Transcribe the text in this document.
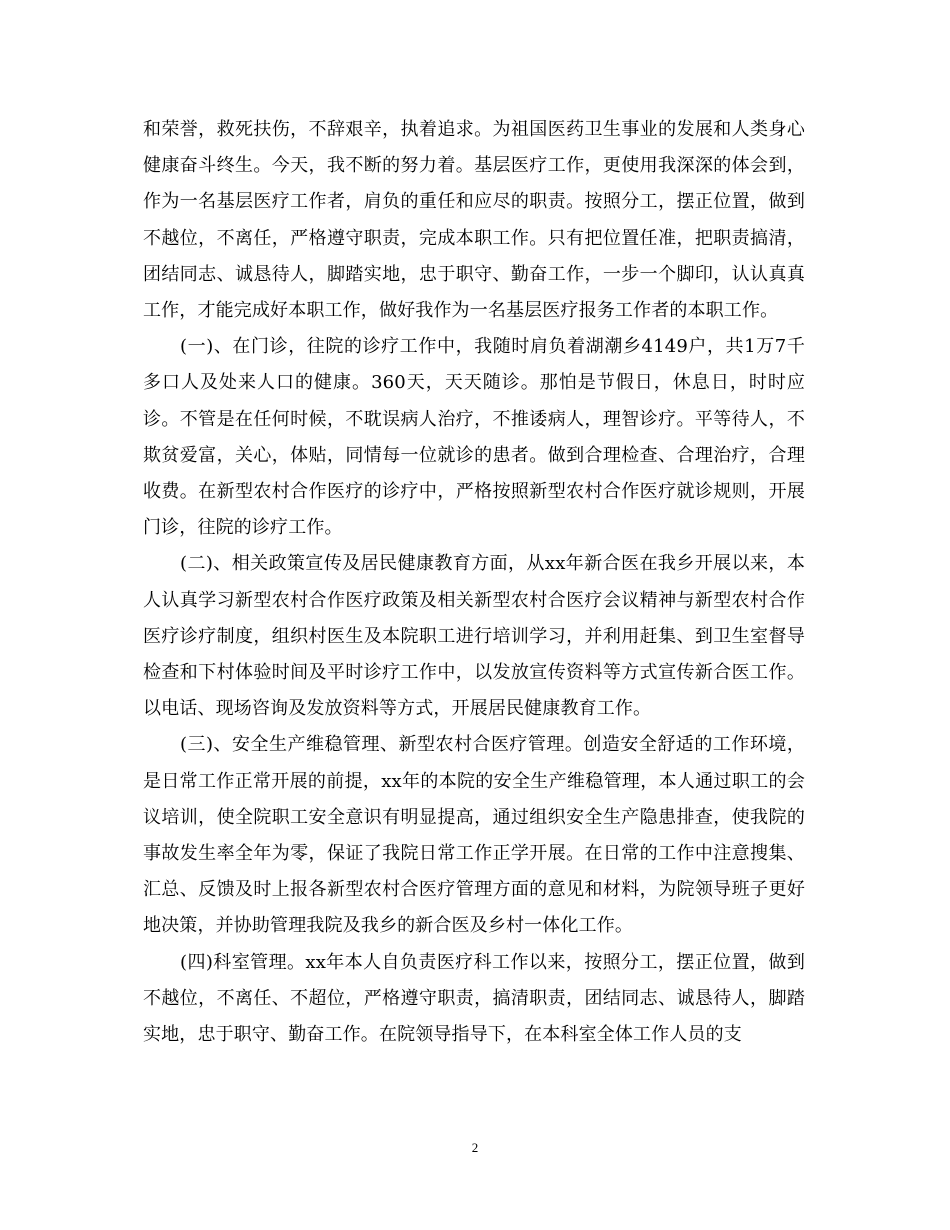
和荣誉，救死扶伤，不辞艰辛，执着追求。为祖国医药卫生事业的发展和人类身心健康奋斗终生。今天，我不断的努力着。基层医疗工作，更使用我深深的体会到，作为一名基层医疗工作者，肩负的重任和应尽的职责。按照分工，摆正位置，做到不越位，不离任，严格遵守职责，完成本职工作。只有把位置任准，把职责搞清，团结同志、诚恳待人，脚踏实地，忠于职守、勤奋工作，一步一个脚印，认认真真工作，才能完成好本职工作，做好我作为一名基层医疗报务工作者的本职工作。

(一)、在门诊，往院的诊疗工作中，我随时肩负着湖潮乡4149户，共1万7千多口人及处来人口的健康。360天，天天随诊。那怕是节假日，休息日，时时应诊。不管是在任何时候，不耽误病人治疗，不推诿病人，理智诊疗。平等待人，不欺贫爱富，关心，体贴，同情每一位就诊的患者。做到合理检查、合理治疗，合理收费。在新型农村合作医疗的诊疗中，严格按照新型农村合作医疗就诊规则，开展门诊，往院的诊疗工作。

(二)、相关政策宣传及居民健康教育方面，从xx年新合医在我乡开展以来，本人认真学习新型农村合作医疗政策及相关新型农村合医疗会议精神与新型农村合作医疗诊疗制度，组织村医生及本院职工进行培训学习，并利用赶集、到卫生室督导检查和下村体验时间及平时诊疗工作中，以发放宣传资料等方式宣传新合医工作。以电话、现场咨询及发放资料等方式，开展居民健康教育工作。

(三)、安全生产维稳管理、新型农村合医疗管理。创造安全舒适的工作环境，是日常工作正常开展的前提，xx年的本院的安全生产维稳管理，本人通过职工的会议培训，使全院职工安全意识有明显提高，通过组织安全生产隐患排查，使我院的事故发生率全年为零，保证了我院日常工作正学开展。在日常的工作中注意搜集、汇总、反馈及时上报各新型农村合医疗管理方面的意见和材料，为院领导班子更好地决策，并协助管理我院及我乡的新合医及乡村一体化工作。

(四)科室管理。xx年本人自负责医疗科工作以来，按照分工，摆正位置，做到不越位，不离任、不超位，严格遵守职责，搞清职责，团结同志、诚恳待人，脚踏实地，忠于职守、勤奋工作。在院领导指导下，在本科室全体工作人员的支

2
